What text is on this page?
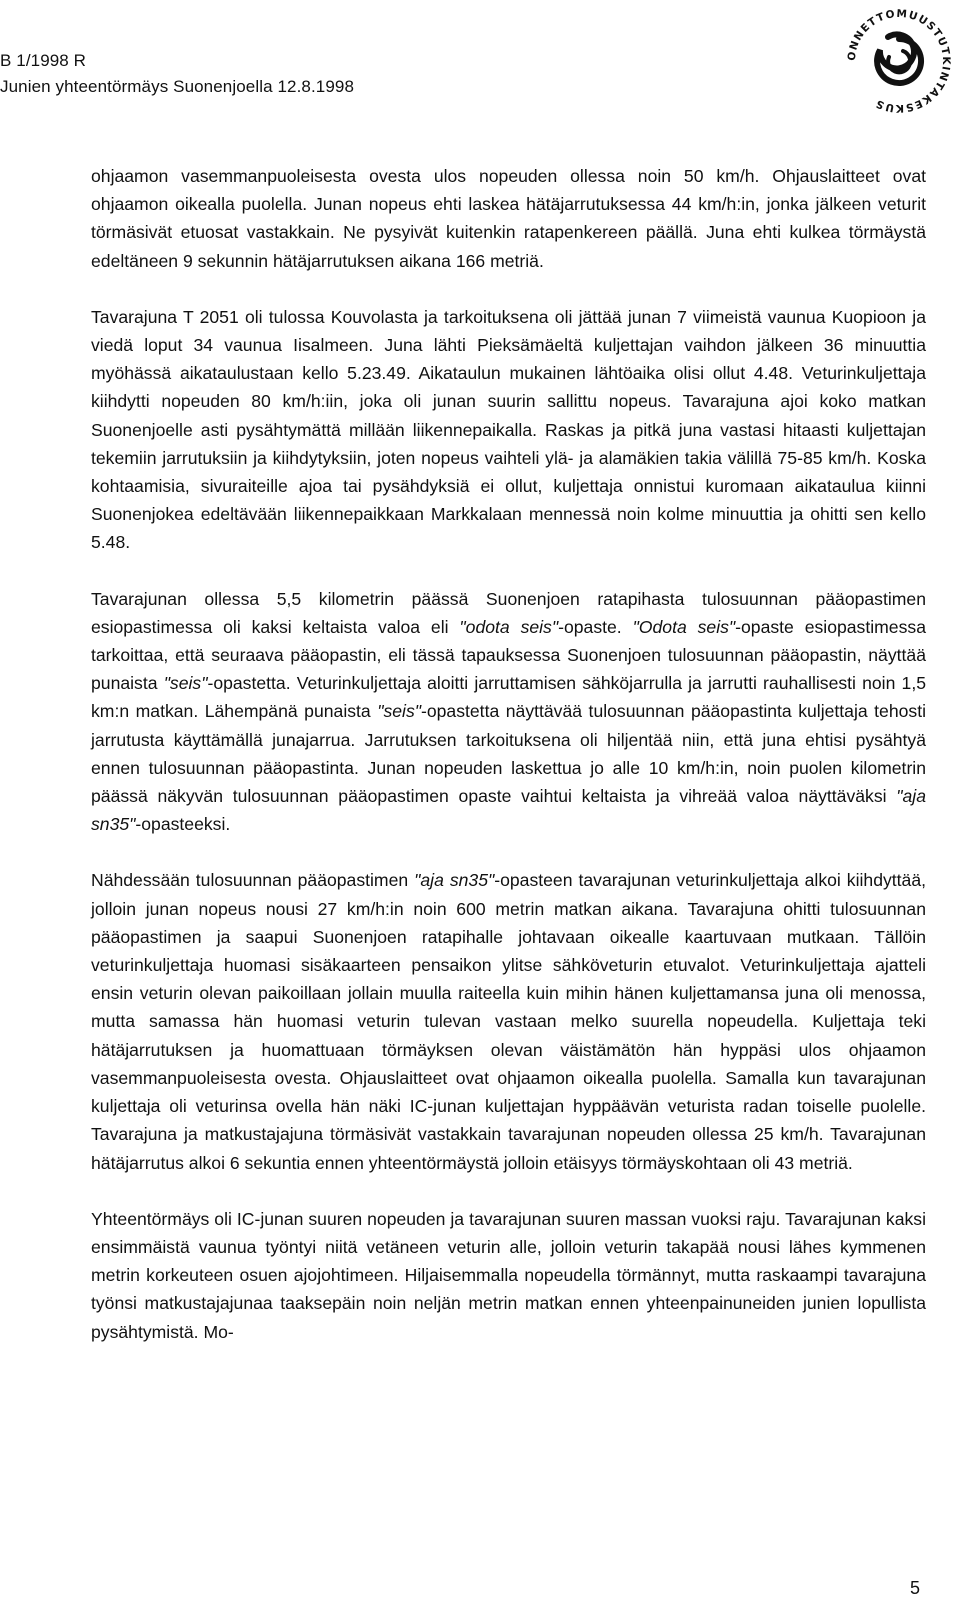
B 1/1998 R
Junien yhteentörmäys Suonenjoella 12.8.1998
ONNETTOMUUSTUTKINTAKESKUS

ohjaamon vasemmanpuoleisesta ovesta ulos nopeuden ollessa noin 50 km/h. Ohjauslaitteet ovat ohjaamon oikealla puolella. Junan nopeus ehti laskea hätäjarrutuksessa 44 km/h:in, jonka jälkeen veturit törmäsivät etuosat vastakkain. Ne pysyivät kuitenkin ratapenkereen päällä. Juna ehti kulkea törmäystä edeltäneen 9 sekunnin hätäjarrutuksen aikana 166 metriä.

Tavarajuna T 2051 oli tulossa Kouvolasta ja tarkoituksena oli jättää junan 7 viimeistä vaunua Kuopioon ja viedä loput 34 vaunua Iisalmeen. Juna lähti Pieksämäeltä kuljettajan vaihdon jälkeen 36 minuuttia myöhässä aikataulustaan kello 5.23.49. Aikataulun mukainen lähtöaika olisi ollut 4.48. Veturinkuljettaja kiihdytti nopeuden 80 km/h:iin, joka oli junan suurin sallittu nopeus. Tavarajuna ajoi koko matkan Suonenjoelle asti pysähtymättä millään liikennepaikalla. Raskas ja pitkä juna vastasi hitaasti kuljettajan tekemiin jarrutuksiin ja kiihdytyksiin, joten nopeus vaihteli ylä- ja alamäkien takia välillä 75-85 km/h. Koska kohtaamisia, sivuraiteille ajoa tai pysähdyksiä ei ollut, kuljettaja onnistui kuromaan aikataulua kiinni Suonenjokea edeltävään liikennepaikkaan Markkalaan mennessä noin kolme minuuttia ja ohitti sen kello 5.48.

Tavarajunan ollessa 5,5 kilometrin päässä Suonenjoen ratapihasta tulosuunnan pääopastimen esiopastimessa oli kaksi keltaista valoa eli "odota seis"-opaste. "Odota seis"-opaste esiopastimessa tarkoittaa, että seuraava pääopastin, eli tässä tapauksessa Suonenjoen tulosuunnan pääopastin, näyttää punaista "seis"-opastetta. Veturinkuljettaja aloitti jarruttamisen sähköjarrulla ja jarrutti rauhallisesti noin 1,5 km:n matkan. Lähempänä punaista "seis"-opastetta näyttävää tulosuunnan pääopastinta kuljettaja tehosti jarrutusta käyttämällä junajarrua. Jarrutuksen tarkoituksena oli hiljentää niin, että juna ehtisi pysähtyä ennen tulosuunnan pääopastinta. Junan nopeuden laskettua jo alle 10 km/h:in, noin puolen kilometrin päässä näkyvän tulosuunnan pääopastimen opaste vaihtui keltaista ja vihreää valoa näyttäväksi "aja sn35"-opasteeksi.

Nähdessään tulosuunnan pääopastimen "aja sn35"-opasteen tavarajunan veturinkuljettaja alkoi kiihdyttää, jolloin junan nopeus nousi 27 km/h:in noin 600 metrin matkan aikana. Tavarajuna ohitti tulosuunnan pääopastimen ja saapui Suonenjoen ratapihalle johtavaan oikealle kaartuvaan mutkaan. Tällöin veturinkuljettaja huomasi sisäkaarteen pensaikon ylitse sähköveturin etuvalot. Veturinkuljettaja ajatteli ensin veturin olevan paikoillaan jollain muulla raiteella kuin mihin hänen kuljettamansa juna oli menossa, mutta samassa hän huomasi veturin tulevan vastaan melko suurella nopeudella. Kuljettaja teki hätäjarrutuksen ja huomattuaan törmäyksen olevan väistämätön hän hyppäsi ulos ohjaamon vasemmanpuoleisesta ovesta. Ohjauslaitteet ovat ohjaamon oikealla puolella. Samalla kun tavarajunan kuljettaja oli veturinsa ovella hän näki IC-junan kuljettajan hyppäävän veturista radan toiselle puolelle. Tavarajuna ja matkustajajuna törmäsivät vastakkain tavarajunan nopeuden ollessa 25 km/h. Tavarajunan hätäjarrutus alkoi 6 sekuntia ennen yhteentörmäystä jolloin etäisyys törmäyskohtaan oli 43 metriä.

Yhteentörmäys oli IC-junan suuren nopeuden ja tavarajunan suuren massan vuoksi raju. Tavarajunan kaksi ensimmäistä vaunua työntyi niitä vetäneen veturin alle, jolloin veturin takapää nousi lähes kymmenen metrin korkeuteen osuen ajojohtimeen. Hiljaisemmalla nopeudella törmännyt, mutta raskaampi tavarajuna työnsi matkustajajunaa taaksepäin noin neljän metrin matkan ennen yhteenpainuneiden junien lopullista pysähtymistä. Mo-

5
